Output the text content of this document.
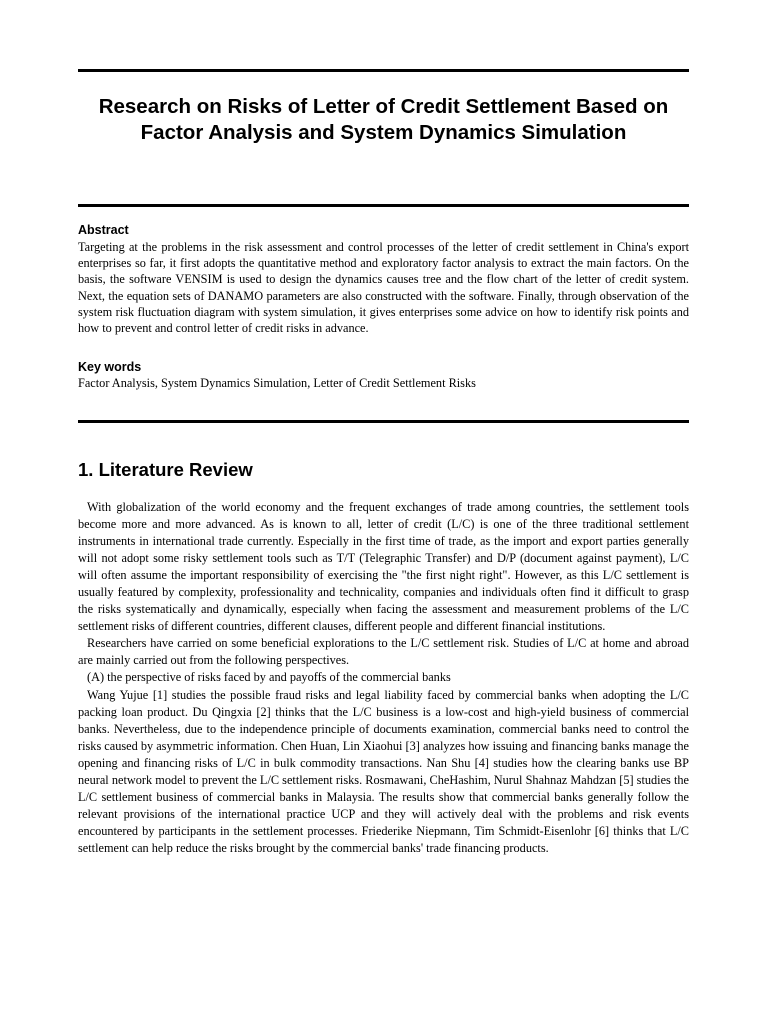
Research on Risks of Letter of Credit Settlement Based on Factor Analysis and System Dynamics Simulation
Abstract

Targeting at the problems in the risk assessment and control processes of the letter of credit settlement in China's export enterprises so far, it first adopts the quantitative method and exploratory factor analysis to extract the main factors. On the basis, the software VENSIM is used to design the dynamics causes tree and the flow chart of the letter of credit system. Next, the equation sets of DANAMO parameters are also constructed with the software. Finally, through observation of the system risk fluctuation diagram with system simulation, it gives enterprises some advice on how to identify risk points and how to prevent and control letter of credit risks in advance.

Key words

Factor Analysis, System Dynamics Simulation, Letter of Credit Settlement Risks

1. Literature Review

With globalization of the world economy and the frequent exchanges of trade among countries, the settlement tools become more and more advanced. As is known to all, letter of credit (L/C) is one of the three traditional settlement instruments in international trade currently. Especially in the first time of trade, as the import and export parties generally will not adopt some risky settlement tools such as T/T (Telegraphic Transfer) and D/P (document against payment), L/C will often assume the important responsibility of exercising the "the first night right". However, as this L/C settlement is usually featured by complexity, professionality and technicality, companies and individuals often find it difficult to grasp the risks systematically and dynamically, especially when facing the assessment and measurement problems of the L/C settlement risks of different countries, different clauses, different people and different financial institutions.

Researchers have carried on some beneficial explorations to the L/C settlement risk. Studies of L/C at home and abroad are mainly carried out from the following perspectives.

(A) the perspective of risks faced by and payoffs of the commercial banks

Wang Yujue [1] studies the possible fraud risks and legal liability faced by commercial banks when adopting the L/C packing loan product. Du Qingxia [2] thinks that the L/C business is a low-cost and high-yield business of commercial banks. Nevertheless, due to the independence principle of documents examination, commercial banks need to control the risks caused by asymmetric information. Chen Huan, Lin Xiaohui [3] analyzes how issuing and financing banks manage the opening and financing risks of L/C in bulk commodity transactions. Nan Shu [4] studies how the clearing banks use BP neural network model to prevent the L/C settlement risks. Rosmawani, CheHashim, Nurul Shahnaz Mahdzan [5] studies the L/C settlement business of commercial banks in Malaysia. The results show that commercial banks generally follow the relevant provisions of the international practice UCP and they will actively deal with the problems and risk events encountered by participants in the settlement processes. Friederike Niepmann, Tim Schmidt-Eisenlohr [6] thinks that L/C settlement can help reduce the risks brought by the commercial banks' trade financing products.
